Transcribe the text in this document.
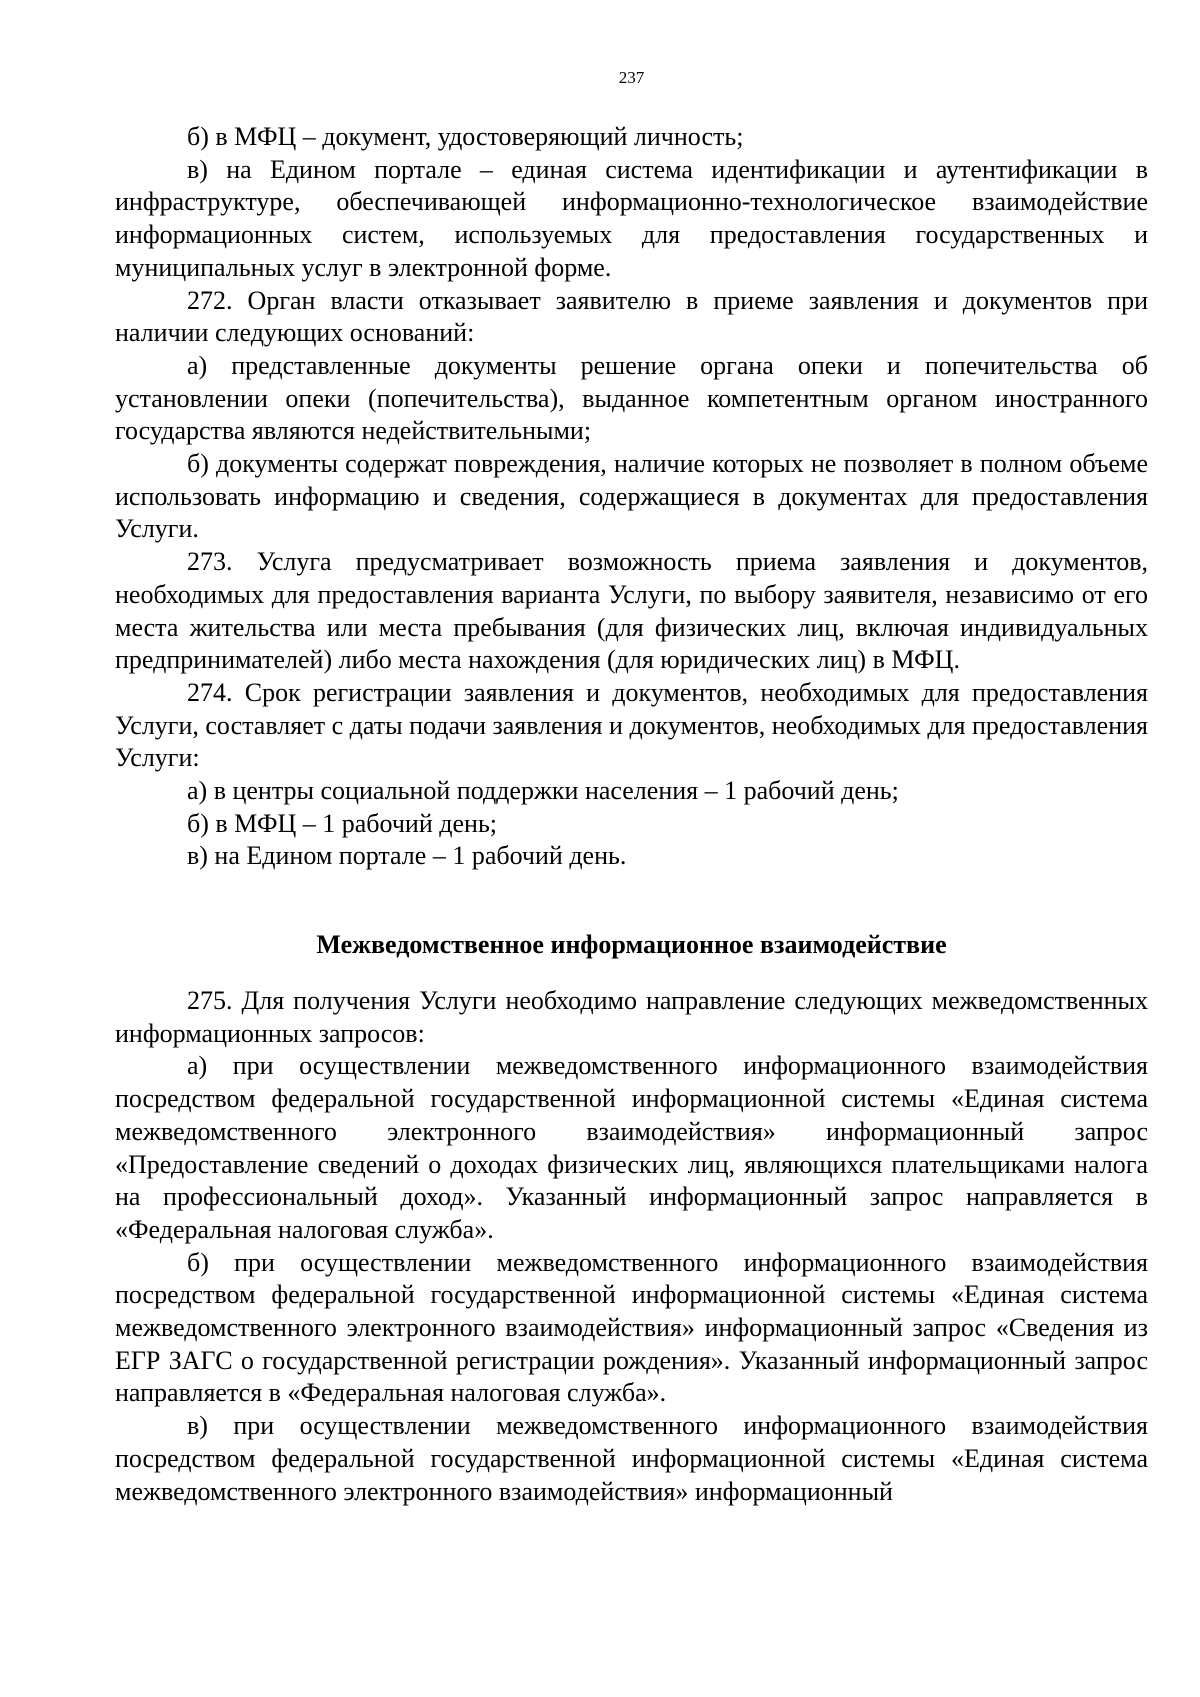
237

б) в МФЦ – документ, удостоверяющий личность;

в) на Едином портале – единая система идентификации и аутентификации в инфраструктуре, обеспечивающей информационно-технологическое взаимодействие информационных систем, используемых для предоставления государственных и муниципальных услуг в электронной форме.

272. Орган власти отказывает заявителю в приеме заявления и документов при наличии следующих оснований:

а) представленные документы решение органа опеки и попечительства об установлении опеки (попечительства), выданное компетентным органом иностранного государства являются недействительными;

б) документы содержат повреждения, наличие которых не позволяет в полном объеме использовать информацию и сведения, содержащиеся в документах для предоставления Услуги.

273. Услуга предусматривает возможность приема заявления и документов, необходимых для предоставления варианта Услуги, по выбору заявителя, независимо от его места жительства или места пребывания (для физических лиц, включая индивидуальных предпринимателей) либо места нахождения (для юридических лиц) в МФЦ.

274. Срок регистрации заявления и документов, необходимых для предоставления Услуги, составляет с даты подачи заявления и документов, необходимых для предоставления Услуги:

а) в центры социальной поддержки населения – 1 рабочий день;

б) в МФЦ – 1 рабочий день;

в) на Едином портале – 1 рабочий день.

Межведомственное информационное взаимодействие

275. Для получения Услуги необходимо направление следующих межведомственных информационных запросов:

а) при осуществлении межведомственного информационного взаимодействия посредством федеральной государственной информационной системы «Единая система межведомственного электронного взаимодействия» информационный запрос «Предоставление сведений о доходах физических лиц, являющихся плательщиками налога на профессиональный доход». Указанный информационный запрос направляется в «Федеральная налоговая служба».

б) при осуществлении межведомственного информационного взаимодействия посредством федеральной государственной информационной системы «Единая система межведомственного электронного взаимодействия» информационный запрос «Сведения из ЕГР ЗАГС о государственной регистрации рождения». Указанный информационный запрос направляется в «Федеральная налоговая служба».

в) при осуществлении межведомственного информационного взаимодействия посредством федеральной государственной информационной системы «Единая система межведомственного электронного взаимодействия» информационный
